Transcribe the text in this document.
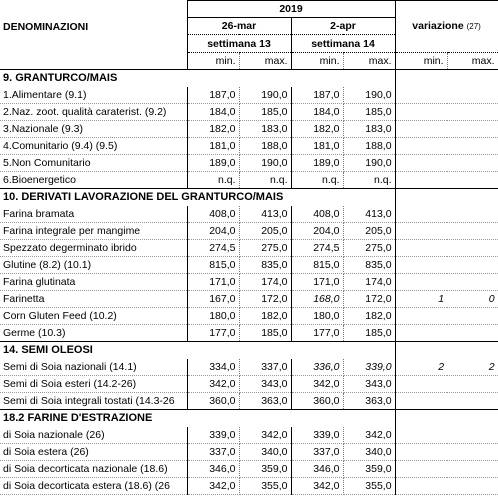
DENOMINAZIONI	2019				variazione (27)	
	26-mar		2-apr			
	settimana 13		settimana 14			
	min.	max.	min.	max.	min.	max.
9. GRANTURCO/MAIS						
1.Alimentare (9.1)	187,0	190,0	187,0	190,0		
2.Naz. zoot. qualità caraterist. (9.2)	184,0	185,0	184,0	185,0		
3.Nazionale (9.3)	182,0	183,0	182,0	183,0		
4.Comunitario (9.4) (9.5)	181,0	188,0	181,0	188,0		
5.Non Comunitario	189,0	190,0	189,0	190,0		
6.Bioenergetico	n.q.	n.q.	n.q.	n.q.		
10. DERIVATI LAVORAZIONE DEL GRANTURCO/MAIS						
Farina bramata	408,0	413,0	408,0	413,0		
Farina integrale per mangime	204,0	205,0	204,0	205,0		
Spezzato degerminato ibrido	274,5	275,0	274,5	275,0		
Glutine (8.2) (10.1)	815,0	835,0	815,0	835,0		
Farina glutinata	171,0	174,0	171,0	174,0		
Farinetta	167,0	172,0	168,0	172,0	1	0
Corn Gluten Feed (10.2)	180,0	182,0	180,0	182,0		
Germe (10.3)	177,0	185,0	177,0	185,0		
14. SEMI OLEOSI						
Semi di Soia nazionali (14.1)	334,0	337,0	336,0	339,0	2	2
Semi di Soia esteri (14.2-26)	342,0	343,0	342,0	343,0		
Semi di Soia integrali tostati (14.3-26	360,0	363,0	360,0	363,0		
18.2 FARINE D'ESTRAZIONE						
di Soia nazionale (26)	339,0	342,0	339,0	342,0		
di Soia estera (26)	337,0	340,0	337,0	340,0		
di Soia decorticata nazionale (18.6)	346,0	359,0	346,0	359,0		
di Soia decorticata estera (18.6) (26	342,0	355,0	342,0	355,0		
